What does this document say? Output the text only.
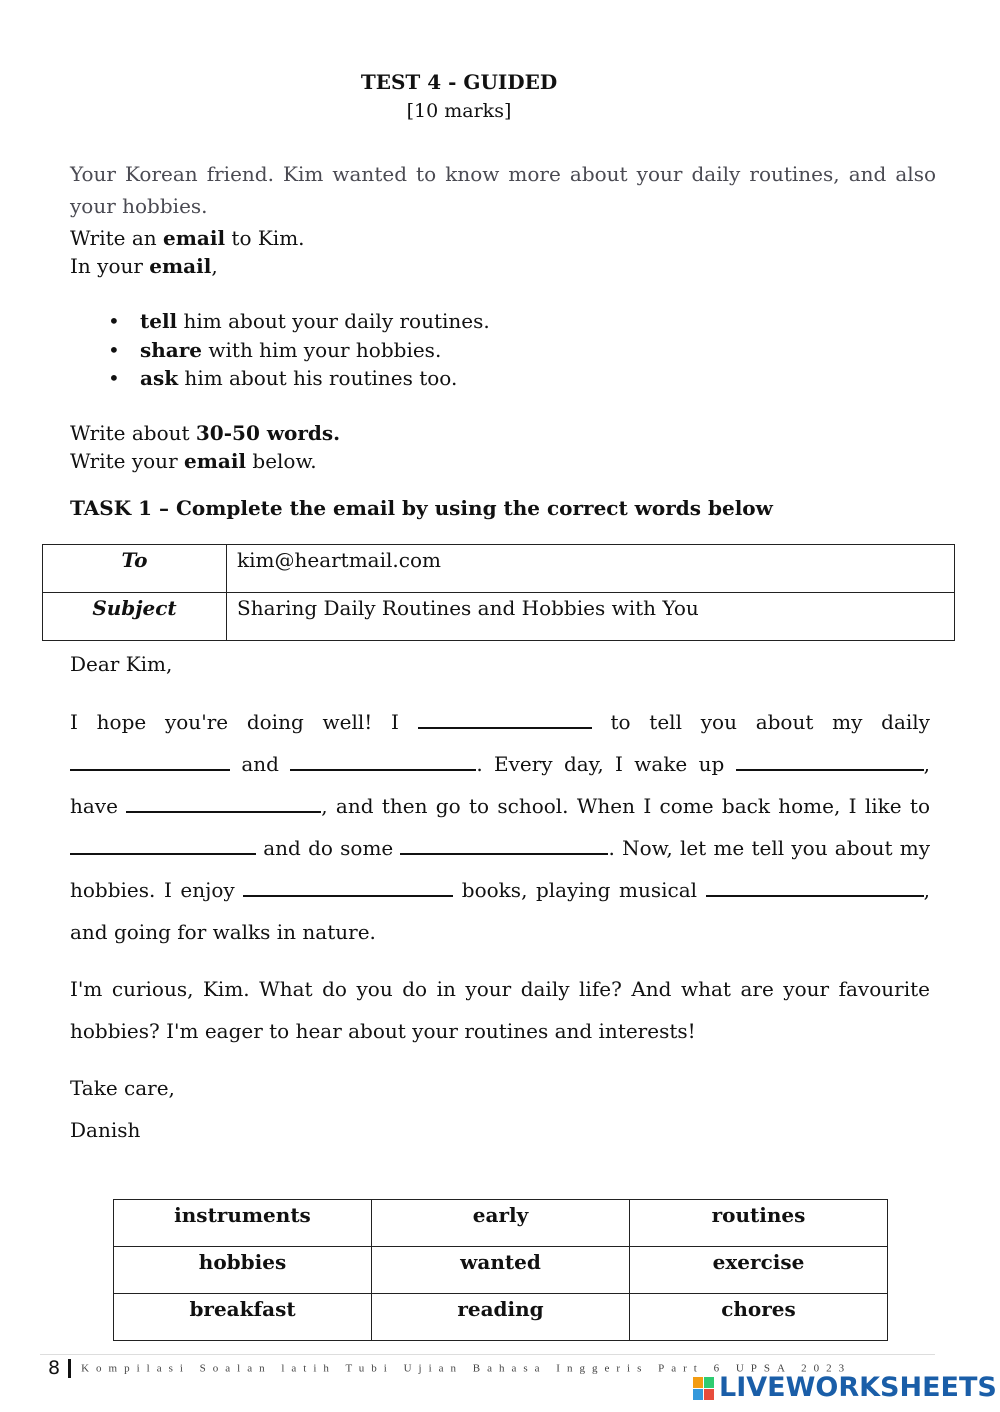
TEST 4 - GUIDED
[10 marks]
Your Korean friend. Kim wanted to know more about your daily routines, and also your hobbies.
Write an email to Kim.
In your email,
• tell him about your daily routines.
• share with him your hobbies.
• ask him about his routines too.
Write about 30-50 words.
Write your email below.
TASK 1 – Complete the email by using the correct words below
To	kim@heartmail.com
Subject	Sharing Daily Routines and Hobbies with You
Dear Kim,
I hope you're doing well! I	to tell you about my daily  and	. Every day, I wake up	, have	, and then go to school. When I come back home, I like to  and do some	. Now, let me tell you about my hobbies. I enjoy	books, playing musical	, and going for walks in nature.
I'm curious, Kim. What do you do in your daily life? And what are your favourite hobbies? I'm eager to hear about your routines and interests!
Take care,
Danish
instruments	early	routines
hobbies	wanted	exercise
breakfast	reading	chores
8 Kompilasi Soalan latih Tubi Ujian Bahasa Inggeris Part 6 UPSA 2023
LIVEWORKSHEETS
